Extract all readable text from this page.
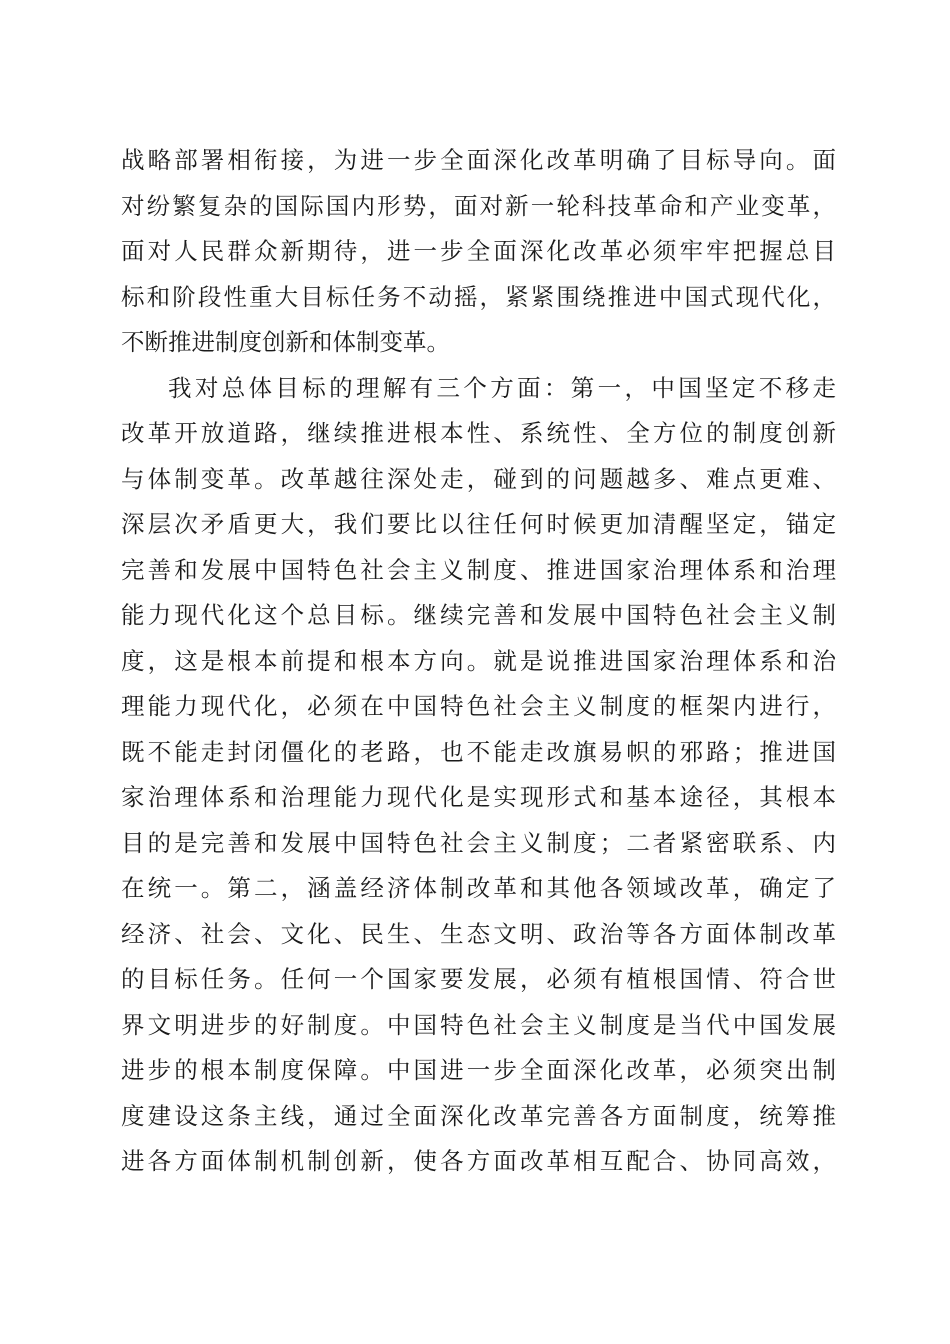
战略部署相衔接，为进一步全面深化改革明确了目标导向。面
对纷繁复杂的国际国内形势，面对新一轮科技革命和产业变革，
面对人民群众新期待，进一步全面深化改革必须牢牢把握总目
标和阶段性重大目标任务不动摇，紧紧围绕推进中国式现代化，
不断推进制度创新和体制变革。
我对总体目标的理解有三个方面：第一，中国坚定不移走
改革开放道路，继续推进根本性、系统性、全方位的制度创新
与体制变革。改革越往深处走，碰到的问题越多、难点更难、
深层次矛盾更大，我们要比以往任何时候更加清醒坚定，锚定
完善和发展中国特色社会主义制度、推进国家治理体系和治理
能力现代化这个总目标。继续完善和发展中国特色社会主义制
度，这是根本前提和根本方向。就是说推进国家治理体系和治
理能力现代化，必须在中国特色社会主义制度的框架内进行，
既不能走封闭僵化的老路，也不能走改旗易帜的邪路；推进国
家治理体系和治理能力现代化是实现形式和基本途径，其根本
目的是完善和发展中国特色社会主义制度；二者紧密联系、内
在统一。第二，涵盖经济体制改革和其他各领域改革，确定了
经济、社会、文化、民生、生态文明、政治等各方面体制改革
的目标任务。任何一个国家要发展，必须有植根国情、符合世
界文明进步的好制度。中国特色社会主义制度是当代中国发展
进步的根本制度保障。中国进一步全面深化改革，必须突出制
度建设这条主线，通过全面深化改革完善各方面制度，统筹推
进各方面体制机制创新，使各方面改革相互配合、协同高效，
